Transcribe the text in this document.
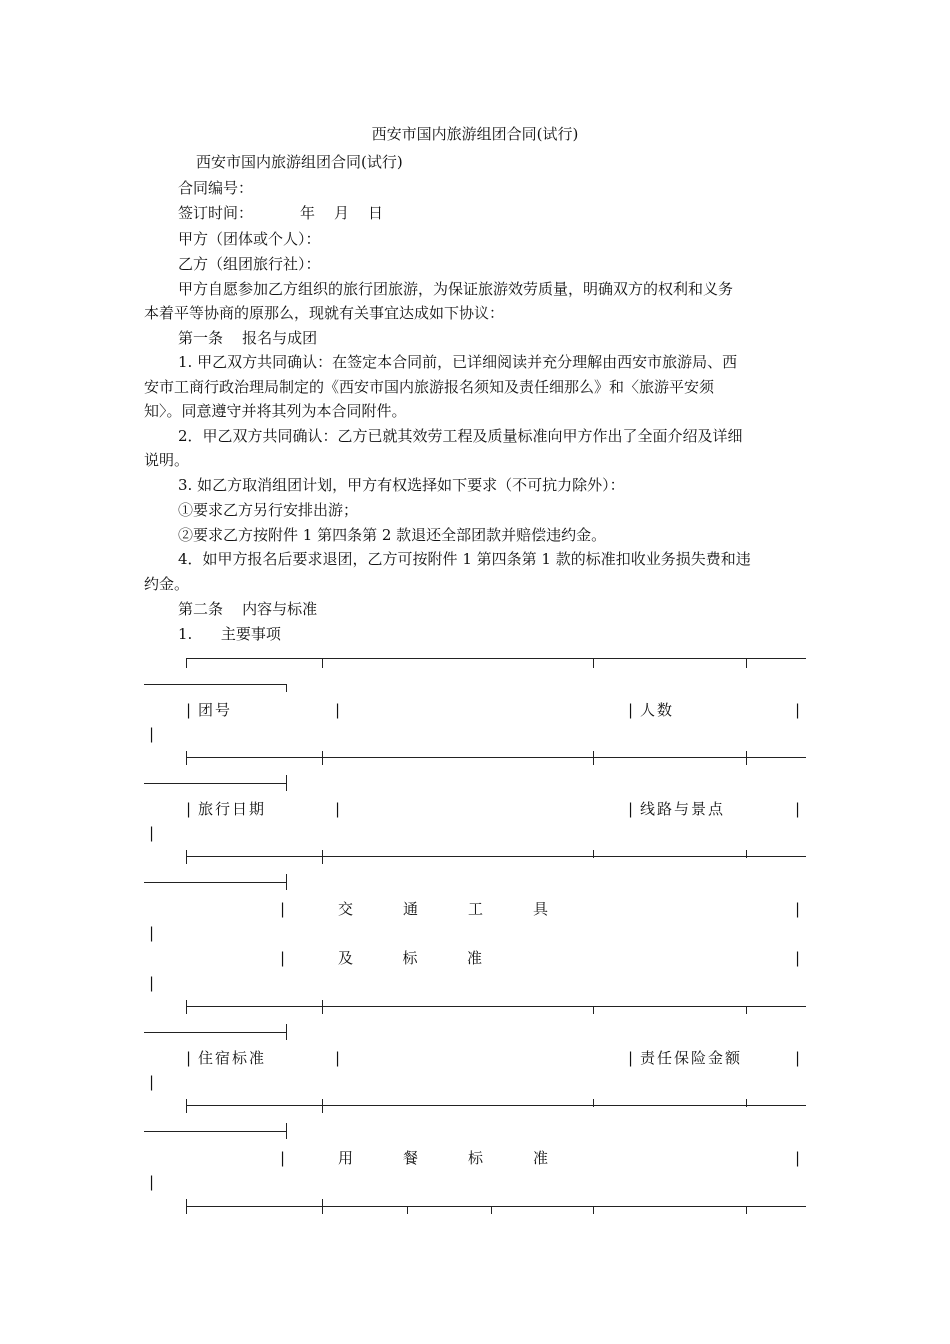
西安市国内旅游组团合同(试行)
西安市国内旅游组团合同(试行)
合同编号：
签订时间：	年 月 日
甲方（团体或个人）：
乙方（组团旅行社）：
甲方自愿参加乙方组织的旅行团旅游，为保证旅游效劳质量，明确双方的权利和义务
本着平等协商的原那么，现就有关事宜达成如下协议：
第一条    报名与成团
1. 甲乙双方共同确认：在签定本合同前，已详细阅读并充分理解由西安市旅游局、西
安市工商行政治理局制定的《西安市国内旅游报名须知及责任细那么》和〈旅游平安须
知〉。同意遵守并将其列为本合同附件。
2．甲乙双方共同确认：乙方已就其效劳工程及质量标准向甲方作出了全面介绍及详细
说明。
3. 如乙方取消组团计划，甲方有权选择如下要求（不可抗力除外）：
①要求乙方另行安排出游；
②要求乙方按附件 1 第四条第 2 款退还全部团款并赔偿违约金。
4．如甲方报名后要求退团，乙方可按附件 1 第四条第 1 款的标准扣收业务损失费和违
约金。
第二条    内容与标准
1.      主要事项
| 团号	|	| 人数	|
|
| 旅行日期	|	| 线路与景点	|
|
|	交	通	工	具	|
|
|	及	标	准	|
|
| 住宿标准	|	| 责任保险金额	|
|
|	用	餐	标	准	|
|
